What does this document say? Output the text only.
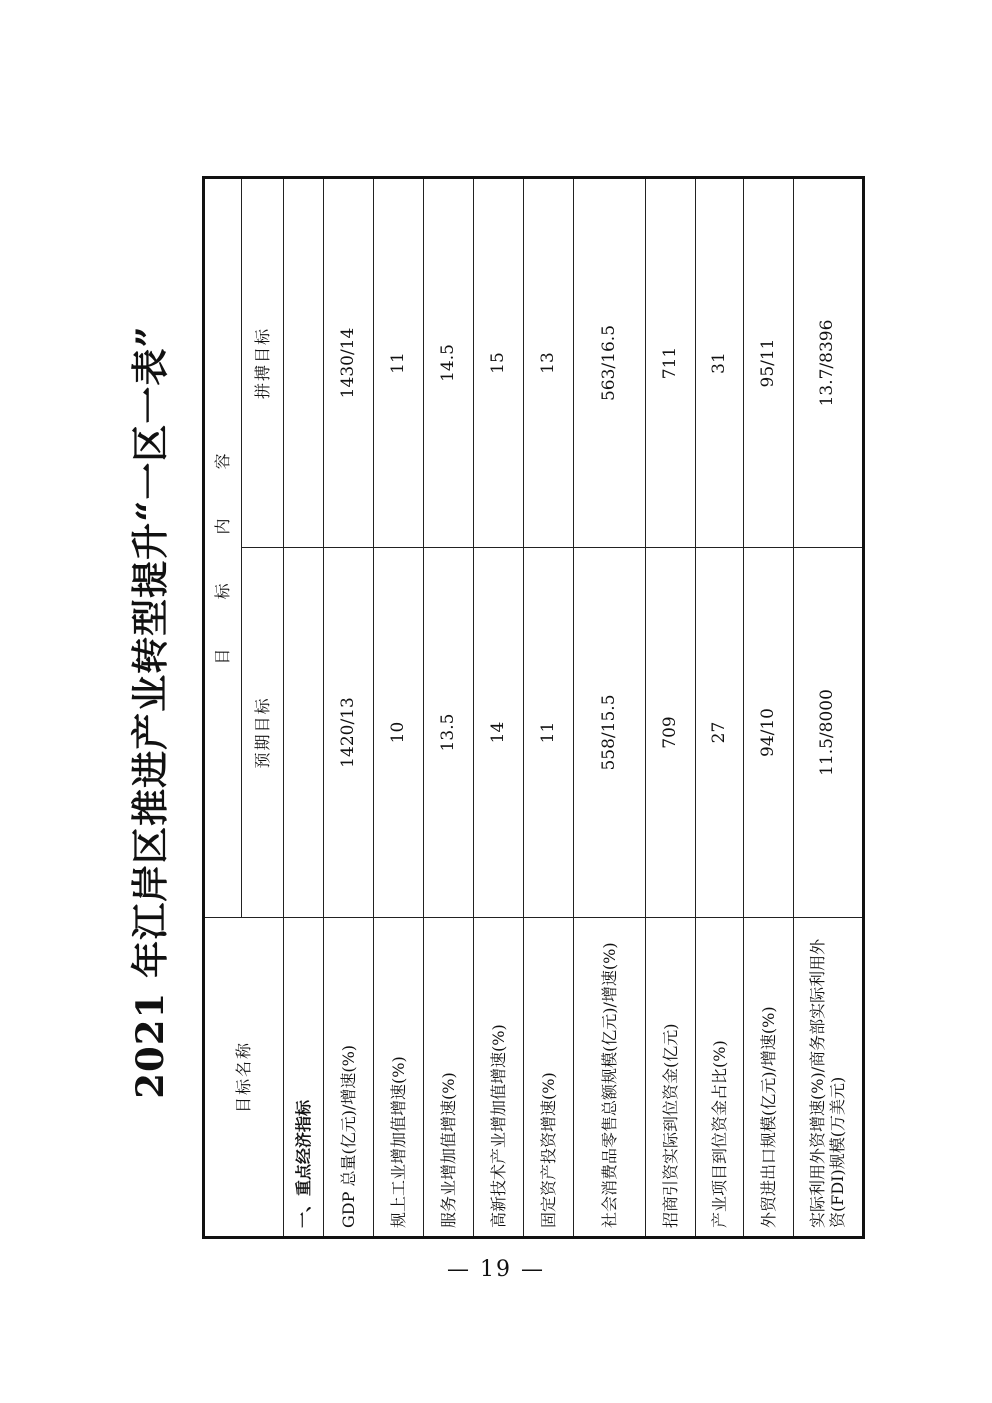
2021 年江岸区推进产业转型提升“一区一表”	目标名称	目 标 内 容	
	预期目标	拼搏目标
一、重点经济指标		
GDP 总量(亿元)/增速(%)	1420/13	1430/14
规上工业增加值增速(%)	10	11
服务业增加值增速(%)	13.5	14.5
高新技术产业增加值增速(%)	14	15
固定资产投资增速(%)	11	13
社会消费品零售总额规模(亿元)/增速(%)	558/15.5	563/16.5
招商引资实际到位资金(亿元)	709	711
产业项目到位资金占比(%)	27	31
外贸进出口规模(亿元)/增速(%)	94/10	95/11
实际利用外资增速(%)/商务部实际利用外资(FDI)规模(万美元)	11.5/8000	13.7/8396
— 19 —
